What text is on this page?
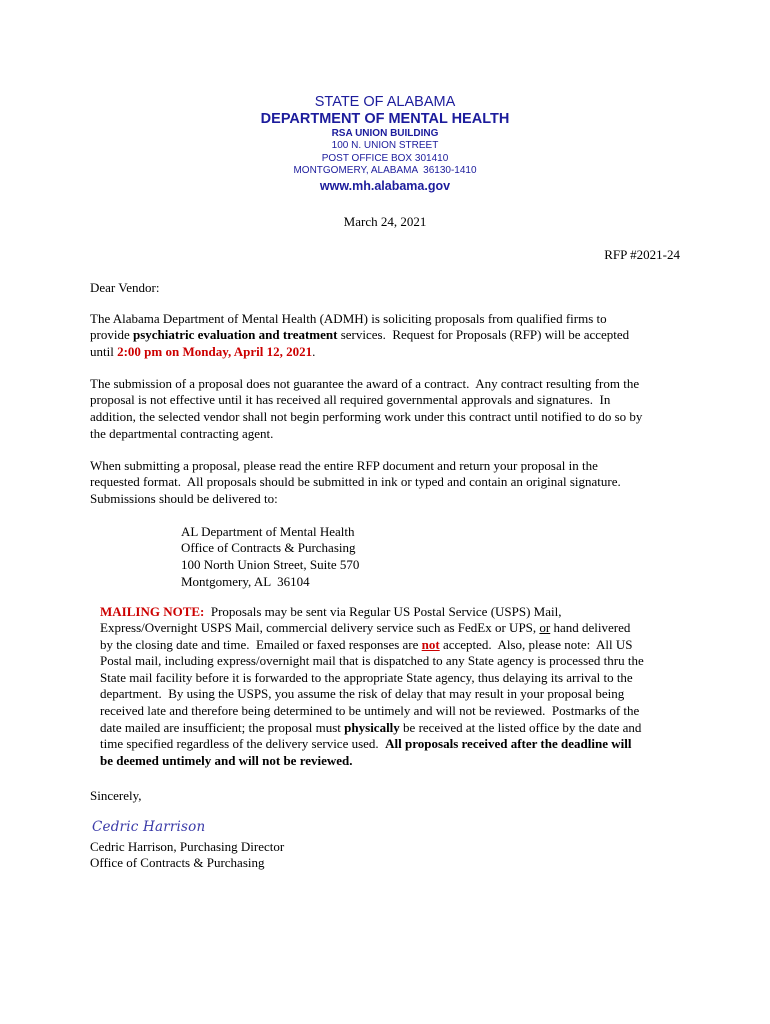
STATE OF ALABAMA
DEPARTMENT OF MENTAL HEALTH
RSA UNION BUILDING
100 N. UNION STREET
POST OFFICE BOX 301410
MONTGOMERY, ALABAMA  36130-1410
www.mh.alabama.gov
March 24, 2021
RFP #2021-24
Dear Vendor:
The Alabama Department of Mental Health (ADMH) is soliciting proposals from qualified firms to
provide psychiatric evaluation and treatment services.  Request for Proposals (RFP) will be accepted
until 2:00 pm on Monday, April 12, 2021.
The submission of a proposal does not guarantee the award of a contract.  Any contract resulting from the
proposal is not effective until it has received all required governmental approvals and signatures.  In
addition, the selected vendor shall not begin performing work under this contract until notified to do so by
the departmental contracting agent.
When submitting a proposal, please read the entire RFP document and return your proposal in the
requested format.  All proposals should be submitted in ink or typed and contain an original signature.
Submissions should be delivered to:
AL Department of Mental Health
Office of Contracts & Purchasing
100 North Union Street, Suite 570
Montgomery, AL  36104
MAILING NOTE:  Proposals may be sent via Regular US Postal Service (USPS) Mail,
Express/Overnight USPS Mail, commercial delivery service such as FedEx or UPS, or hand delivered
by the closing date and time.  Emailed or faxed responses are not accepted.  Also, please note:  All US
Postal mail, including express/overnight mail that is dispatched to any State agency is processed thru the
State mail facility before it is forwarded to the appropriate State agency, thus delaying its arrival to the
department.  By using the USPS, you assume the risk of delay that may result in your proposal being
received late and therefore being determined to be untimely and will not be reviewed.  Postmarks of the
date mailed are insufficient; the proposal must physically be received at the listed office by the date and
time specified regardless of the delivery service used.  All proposals received after the deadline will
be deemed untimely and will not be reviewed.
Sincerely,
Cedric Harrison
Cedric Harrison, Purchasing Director
Office of Contracts & Purchasing
